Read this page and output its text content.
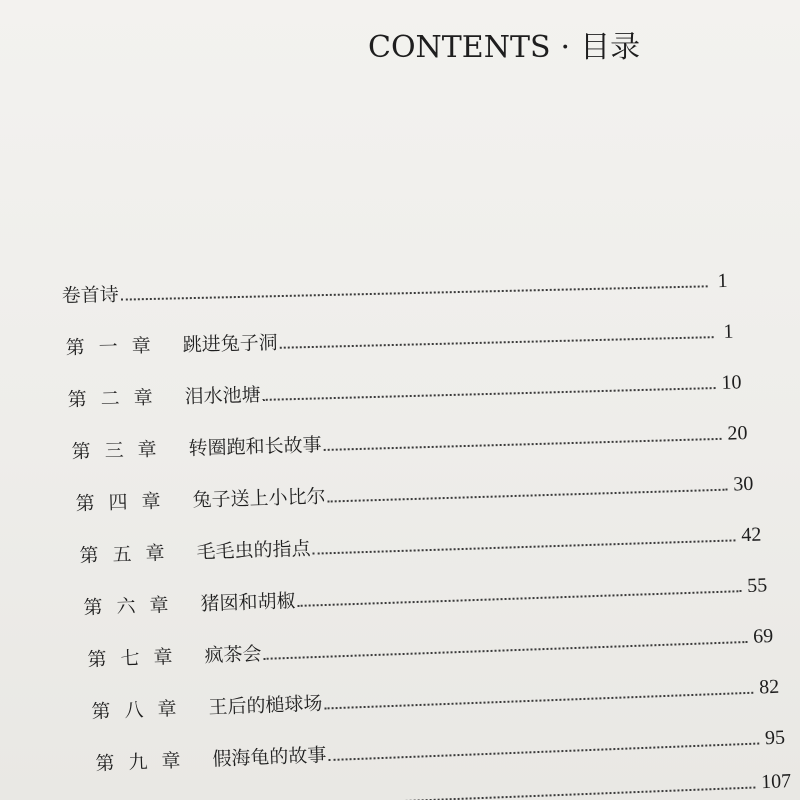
CONTENTS · 目录
卷首诗
1
第一章 跳进兔子洞
1
第二章 泪水池塘
10
第三章 转圈跑和长故事
20
第四章 兔子送上小比尔
30
第五章 毛毛虫的指点
42
第六章 猪囡和胡椒
55
第七章 疯茶会
69
第八章 王后的槌球场
82
第九章 假海龟的故事
95
107
